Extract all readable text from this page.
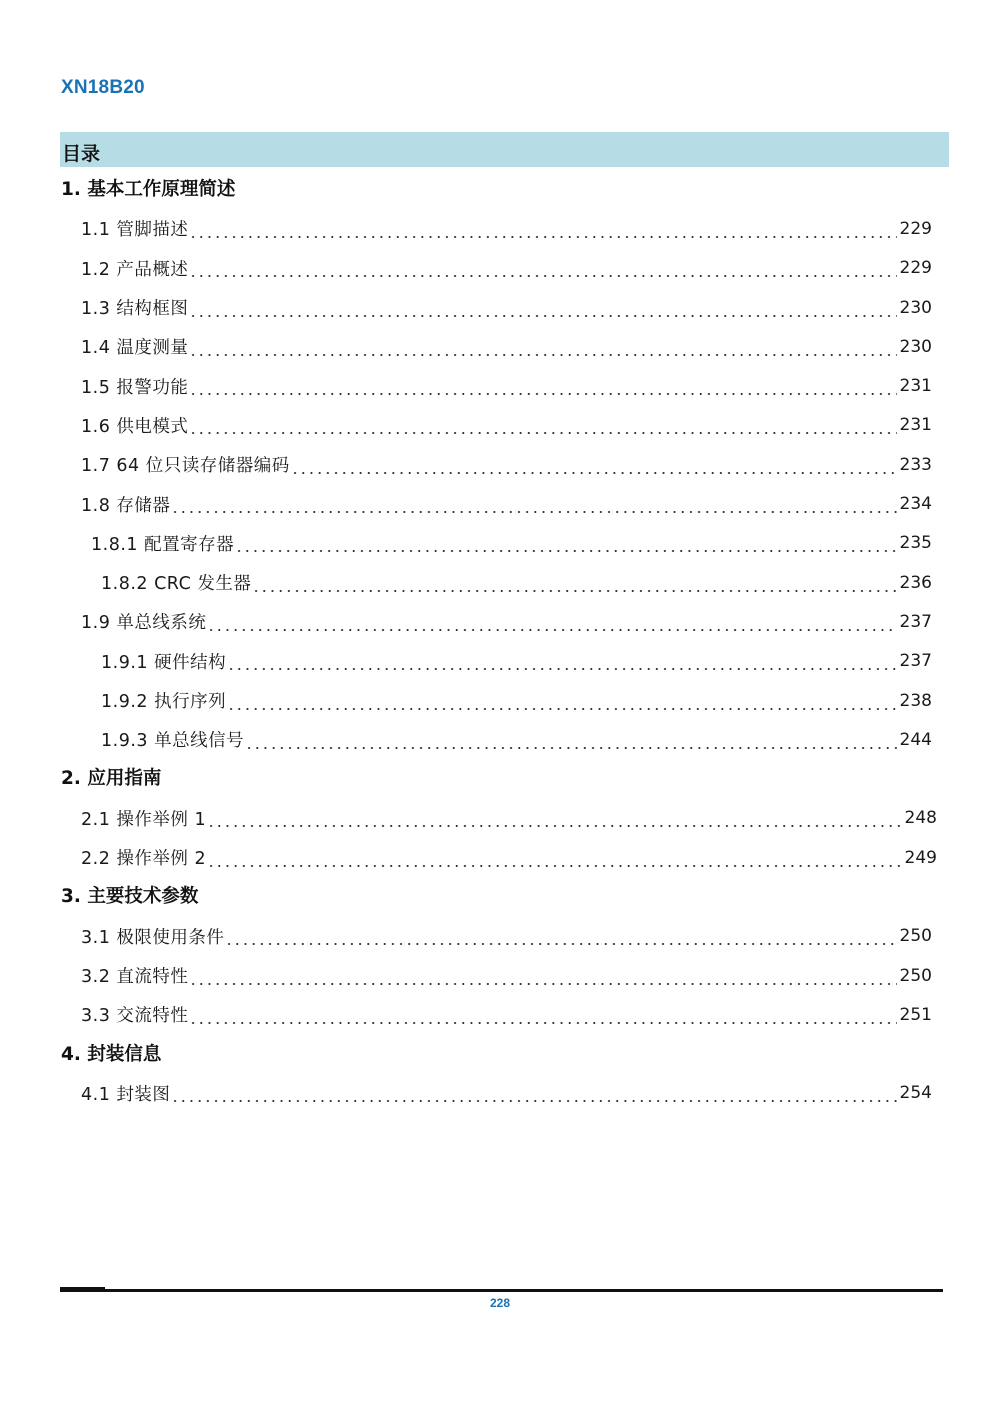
XN18B20
目录
1. 基本工作原理简述
1.1 管脚描述	229
1.2 产品概述	229
1.3 结构框图	230
1.4 温度测量	230
1.5 报警功能	231
1.6 供电模式	231
1.7 64 位只读存储器编码	233
1.8 存储器	234
1.8.1 配置寄存器	235
1.8.2 CRC 发生器	236
1.9 单总线系统	237
1.9.1 硬件结构	237
1.9.2 执行序列	238
1.9.3 单总线信号	244
2. 应用指南
2.1 操作举例 1	248
2.2 操作举例 2	249
3. 主要技术参数
3.1 极限使用条件	250
3.2 直流特性	250
3.3 交流特性	251
4. 封装信息
4.1 封装图	254
228
